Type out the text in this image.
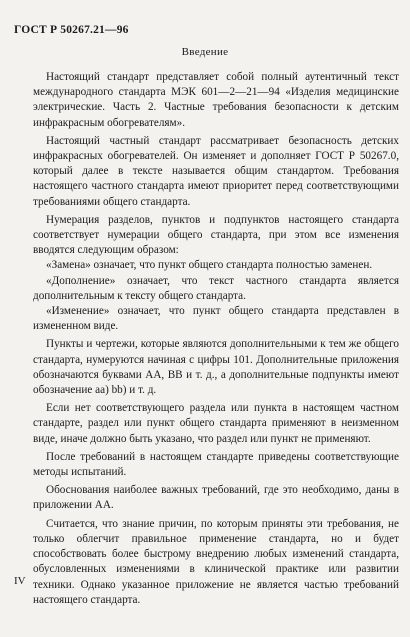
ГОСТ Р 50267.21—96
Введение

Настоящий стандарт представляет собой полный аутентичный текст международного стандарта МЭК 601—2—21—94 «Изделия медицинские электрические. Часть 2. Частные требования безопасности к детским инфракрасным обогревателям».

Настоящий частный стандарт рассматривает безопасность детских инфракрасных обогревателей. Он изменяет и дополняет ГОСТ Р 50267.0, который далее в тексте называется общим стандартом. Требования настоящего частного стандарта имеют приоритет перед соответствующими требованиями общего стандарта.

Нумерация разделов, пунктов и подпунктов настоящего стандарта соответствует нумерации общего стандарта, при этом все изменения вводятся следующим образом:

«Замена» означает, что пункт общего стандарта полностью заменен.

«Дополнение» означает, что текст частного стандарта является дополнительным к тексту общего стандарта.

«Изменение» означает, что пункт общего стандарта представлен в измененном виде.

Пункты и чертежи, которые являются дополнительными к тем же общего стандарта, нумеруются начиная с цифры 101. Дополнительные приложения обозначаются буквами АА, ВВ и т. д., а дополнительные подпункты имеют обозначение аа) bb) и т. д.

Если нет соответствующего раздела или пункта в настоящем частном стандарте, раздел или пункт общего стандарта применяют в неизменном виде, иначе должно быть указано, что раздел или пункт не применяют.

После требований в настоящем стандарте приведены соответствующие методы испытаний.

Обоснования наиболее важных требований, где это необходимо, даны в приложении АА.

Считается, что знание причин, по которым приняты эти требования, не только облегчит правильное применение стандарта, но и будет способствовать более быстрому внедрению любых изменений стандарта, обусловленных изменениями в клинической практике или развитии техники. Однако указанное приложение не является частью требований настоящего стандарта.

IV
